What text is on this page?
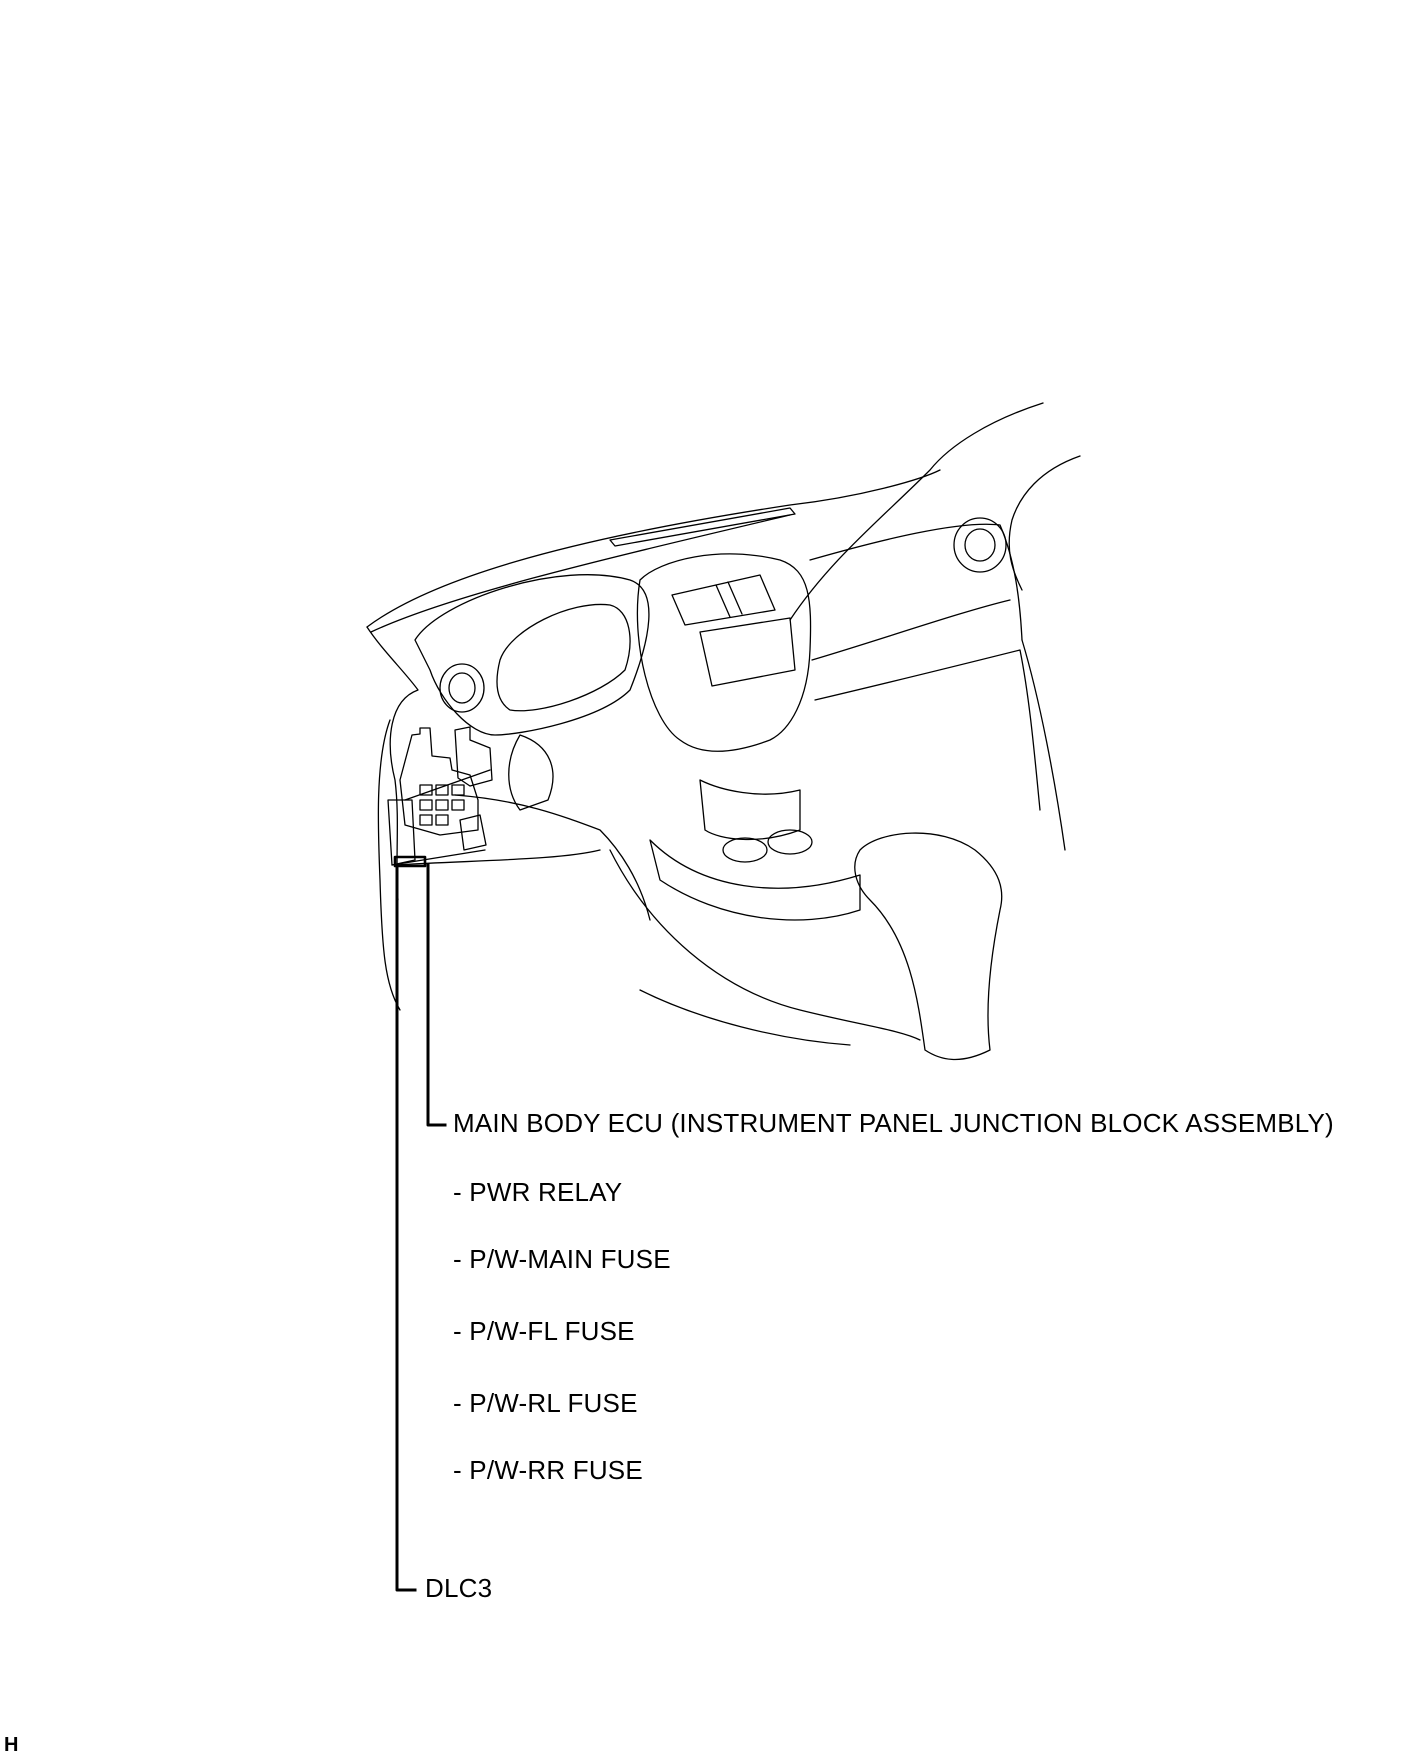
MAIN BODY ECU (INSTRUMENT PANEL JUNCTION BLOCK ASSEMBLY)
- PWR RELAY
- P/W-MAIN FUSE
- P/W-FL FUSE
- P/W-RL FUSE
- P/W-RR FUSE
DLC3
H
